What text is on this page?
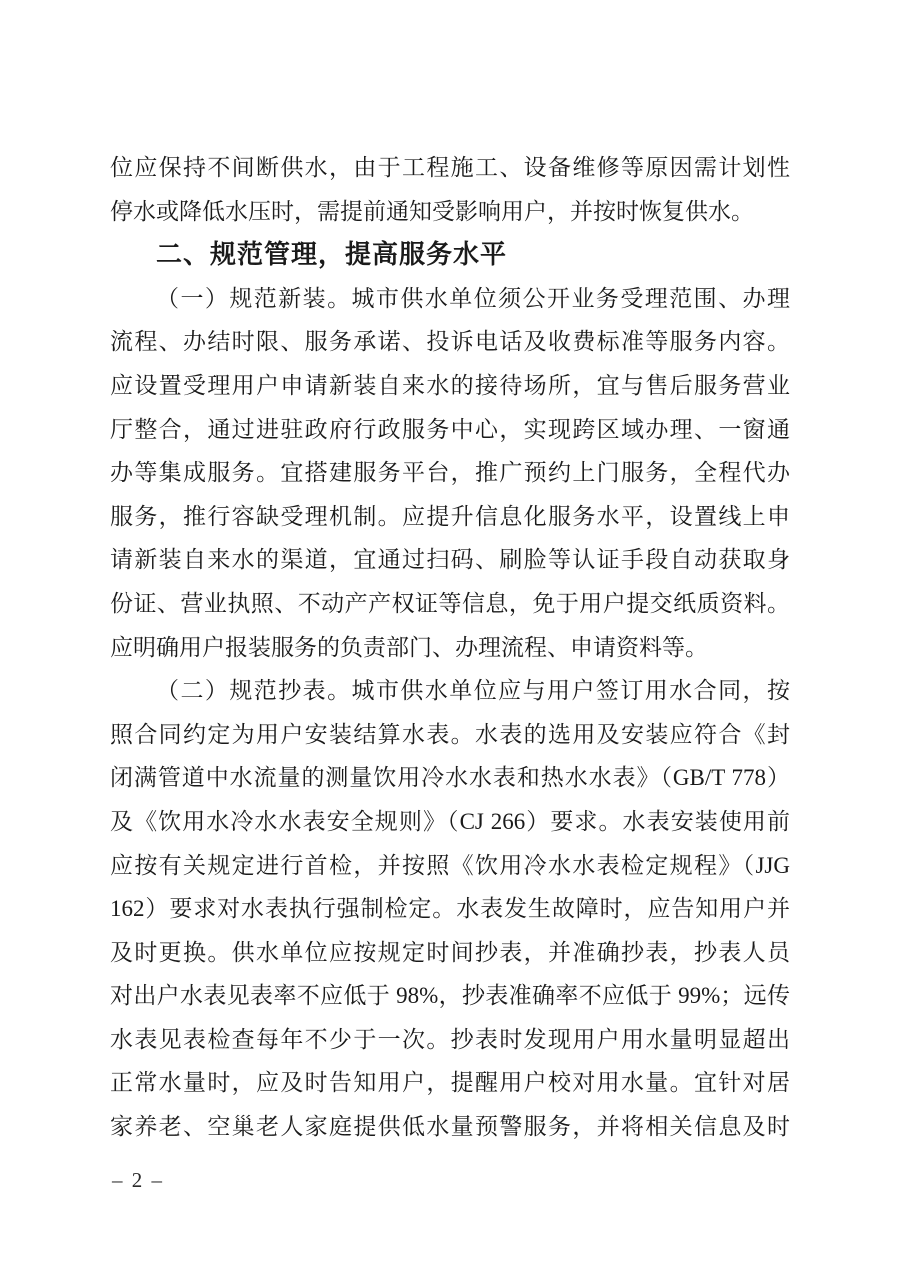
位应保持不间断供水，由于工程施工、设备维修等原因需计划性
停水或降低水压时，需提前通知受影响用户，并按时恢复供水。
二、规范管理，提高服务水平
（一）规范新装。城市供水单位须公开业务受理范围、办理
流程、办结时限、服务承诺、投诉电话及收费标准等服务内容。
应设置受理用户申请新装自来水的接待场所，宜与售后服务营业
厅整合，通过进驻政府行政服务中心，实现跨区域办理、一窗通
办等集成服务。宜搭建服务平台，推广预约上门服务，全程代办
服务，推行容缺受理机制。应提升信息化服务水平，设置线上申
请新装自来水的渠道，宜通过扫码、刷脸等认证手段自动获取身
份证、营业执照、不动产产权证等信息，免于用户提交纸质资料。
应明确用户报装服务的负责部门、办理流程、申请资料等。
（二）规范抄表。城市供水单位应与用户签订用水合同，按
照合同约定为用户安装结算水表。水表的选用及安装应符合《封
闭满管道中水流量的测量饮用冷水水表和热水水表》（GB/T 778）
及《饮用水冷水水表安全规则》（CJ 266）要求。水表安装使用前
应按有关规定进行首检，并按照《饮用冷水水表检定规程》（JJG
162）要求对水表执行强制检定。水表发生故障时，应告知用户并
及时更换。供水单位应按规定时间抄表，并准确抄表，抄表人员
对出户水表见表率不应低于 98%，抄表准确率不应低于 99%；远传
水表见表检查每年不少于一次。抄表时发现用户用水量明显超出
正常水量时，应及时告知用户，提醒用户校对用水量。宜针对居
家养老、空巢老人家庭提供低水量预警服务，并将相关信息及时
– 2 –
